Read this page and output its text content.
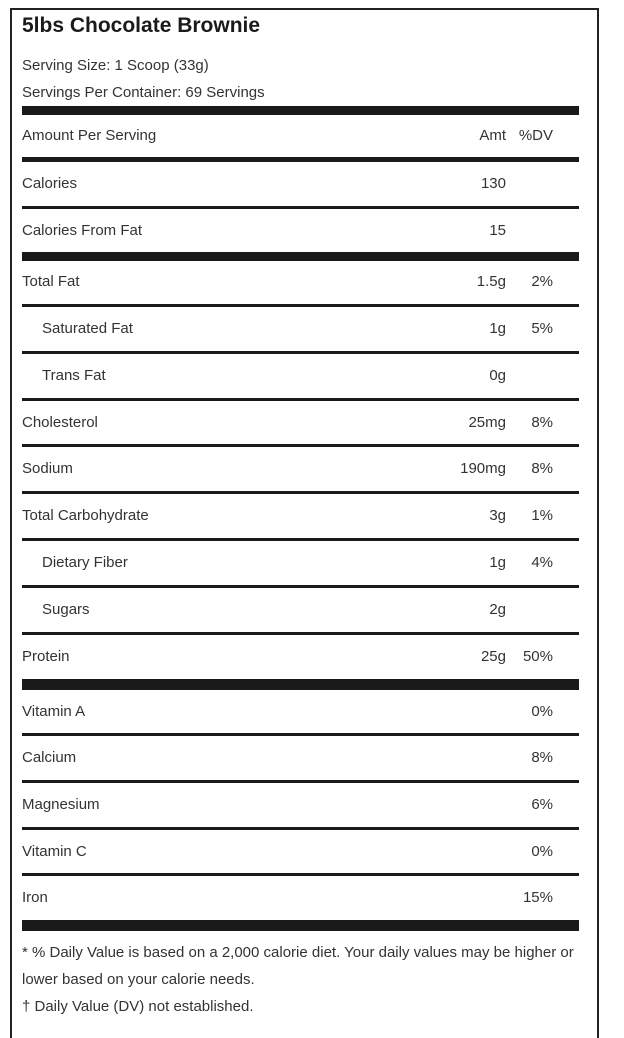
5lbs Chocolate Brownie
Serving Size: 1 Scoop (33g)
Servings Per Container: 69 Servings
Amount Per Serving	Amt %DV
Calories	130
Calories From Fat	15
Total Fat	1.5g 2%
Saturated Fat	1g 5%
Trans Fat	0g
Cholesterol	25mg 8%
Sodium	190mg 8%
Total Carbohydrate	3g 1%
Dietary Fiber	1g 4%
Sugars	2g
Protein	25g 50%
Vitamin A	0%
Calcium	8%
Magnesium	6%
Vitamin C	0%
Iron	15%
* % Daily Value is based on a 2,000 calorie diet. Your daily values may be higher or lower based on your calorie needs.
† Daily Value (DV) not established.
